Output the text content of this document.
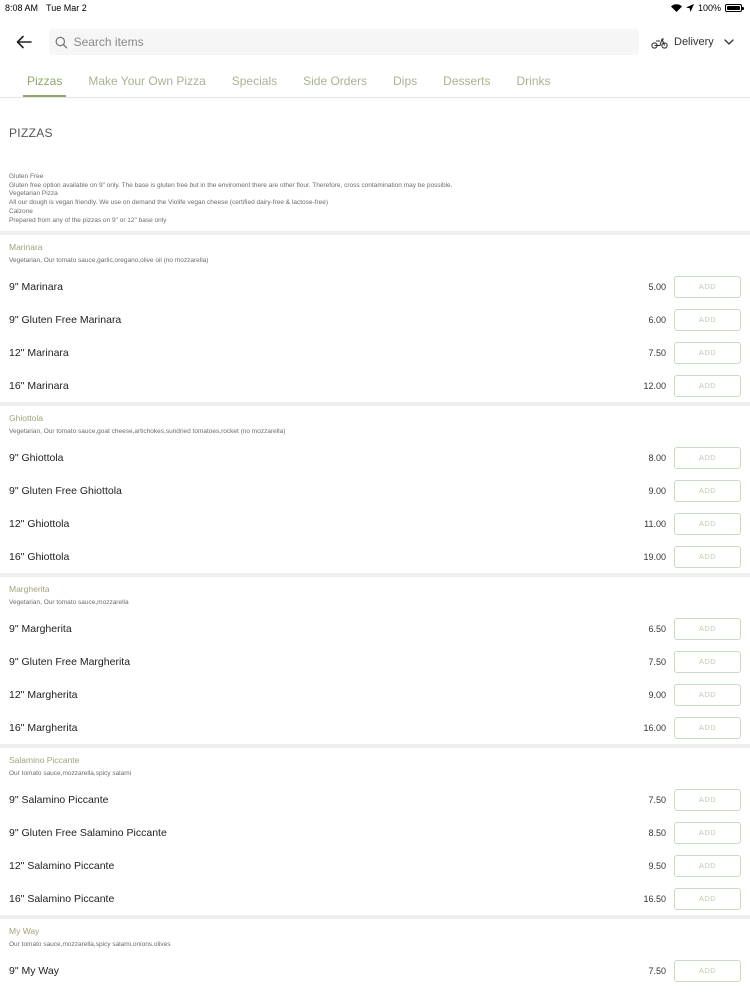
8:08 AM Tue Mar 2	100%
Search items
Delivery
Pizzas	Make Your Own Pizza	Specials	Side Orders	Dips	Desserts	Drinks
PIZZAS
Gluten Free
Gluten free option available on 9" only. The base is gluten free but in the enviroment there are other flour. Therefore, cross contamination may be possible.
Vegetarian Pizza
All our dough is vegan friendly. We use on demand the Violife vegan cheese (certified dairy-free & lactose-free)
Calzone
Prepared from any of the pizzas on 9" or 12" base only
Marinara
Vegetarian, Our tomato sauce,garlic,oregano,olive oil (no mozzarella)
9" Marinara	5.00	ADD
9" Gluten Free Marinara	6.00	ADD
12" Marinara	7.50	ADD
16" Marinara	12.00	ADD
Ghiottola
Vegetarian, Our tomato sauce,goat cheese,artichokes,sundried tomatoes,rocket (no mozzarella)
9" Ghiottola	8.00	ADD
9" Gluten Free Ghiottola	9.00	ADD
12" Ghiottola	11.00	ADD
16" Ghiottola	19.00	ADD
Margherita
Vegetarian, Our tomato sauce,mozzarella
9" Margherita	6.50	ADD
9" Gluten Free Margherita	7.50	ADD
12" Margherita	9.00	ADD
16" Margherita	16.00	ADD
Salamino Piccante
Our tomato sauce,mozzarella,spicy salami
9" Salamino Piccante	7.50	ADD
9" Gluten Free Salamino Piccante	8.50	ADD
12" Salamino Piccante	9.50	ADD
16" Salamino Piccante	16.50	ADD
My Way
Our tomato sauce,mozzarella,spicy salami,onions,olives
9" My Way	7.50	ADD
